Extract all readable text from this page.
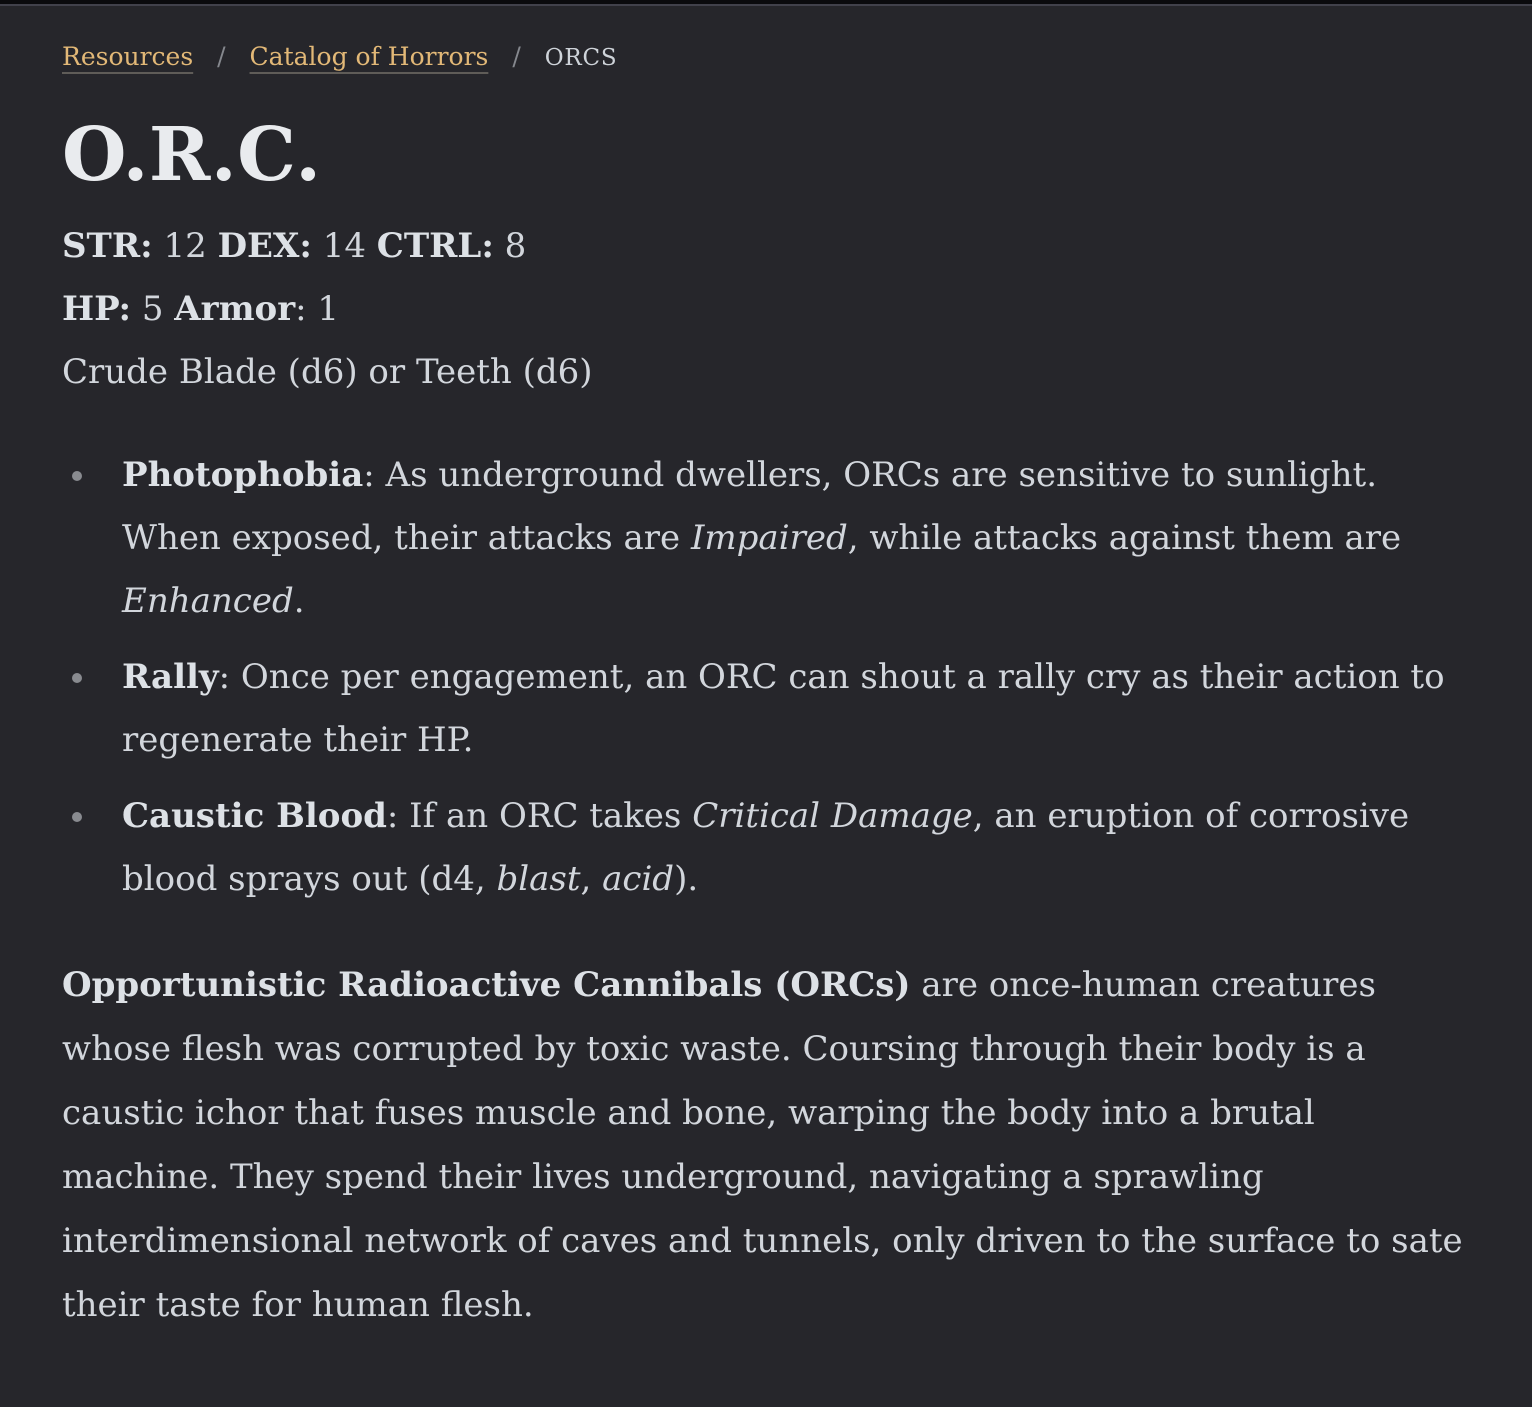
Resources / Catalog of Horrors / ORCS
O.R.C.

STR: 12 DEX: 14 CTRL: 8

HP: 5 Armor: 1

Crude Blade (d6) or Teeth (d6)

Photophobia: As underground dwellers, ORCs are sensitive to sunlight. When exposed, their attacks are Impaired, while attacks against them are Enhanced.
Rally: Once per engagement, an ORC can shout a rally cry as their action to regenerate their HP.
Caustic Blood: If an ORC takes Critical Damage, an eruption of corrosive blood sprays out (d4, blast, acid).

Opportunistic Radioactive Cannibals (ORCs) are once-human creatures whose flesh was corrupted by toxic waste. Coursing through their body is a caustic ichor that fuses muscle and bone, warping the body into a brutal machine. They spend their lives underground, navigating a sprawling interdimensional network of caves and tunnels, only driven to the surface to sate their taste for human flesh.
